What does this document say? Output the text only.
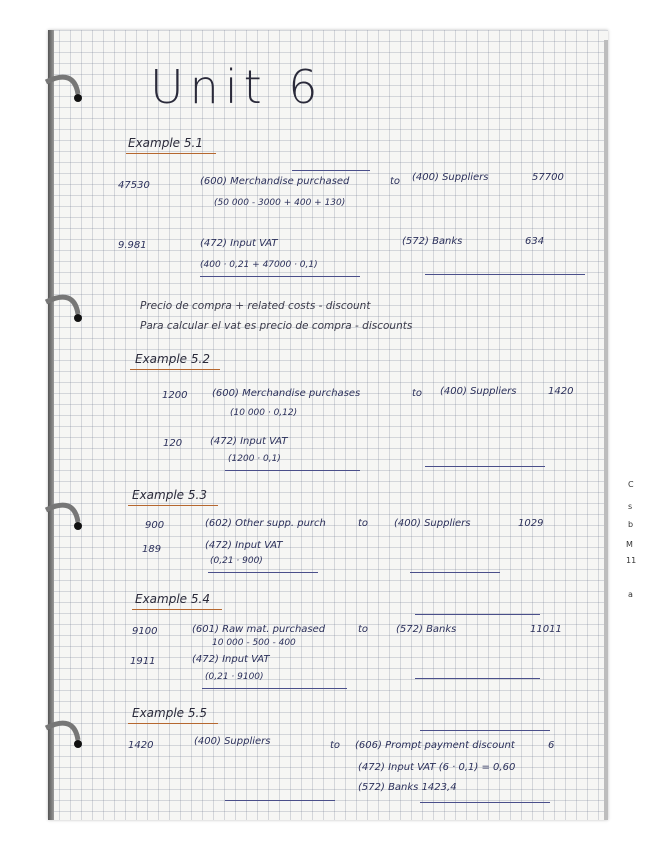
Unit 6
Example 5.1
47530	(600) Merchandise purchased	to (400) Suppliers	57700
(50 000 - 3000 + 400 + 130)
9.981	(472) Input VAT	(572) Banks	634
(400 · 0,21 + 47000 · 0,1)
Precio de compra + related costs - discount
Para calcular el vat es precio de compra - discounts
Example 5.2
1200 (600) Merchandise purchases	to (400) Suppliers	1420
(10 000 · 0,12)
120	(472) Input VAT
(1200 · 0,1)
Example 5.3
900	(602) Other supp. purch	to	(400) Suppliers	1029
189	(472) Input VAT
(0,21 · 900)
Example 5.4
9100	(601) Raw mat. purchased	to	(572) Banks	11011
10 000 - 500 - 400
1911	(472) Input VAT
(0,21 · 9100)
Example 5.5
1420	(400) Suppliers	to (606) Prompt payment discount	6
(472) Input VAT (6 · 0,1) = 0,60
(572) Banks 1423,4
C
s
b
M
11
a
